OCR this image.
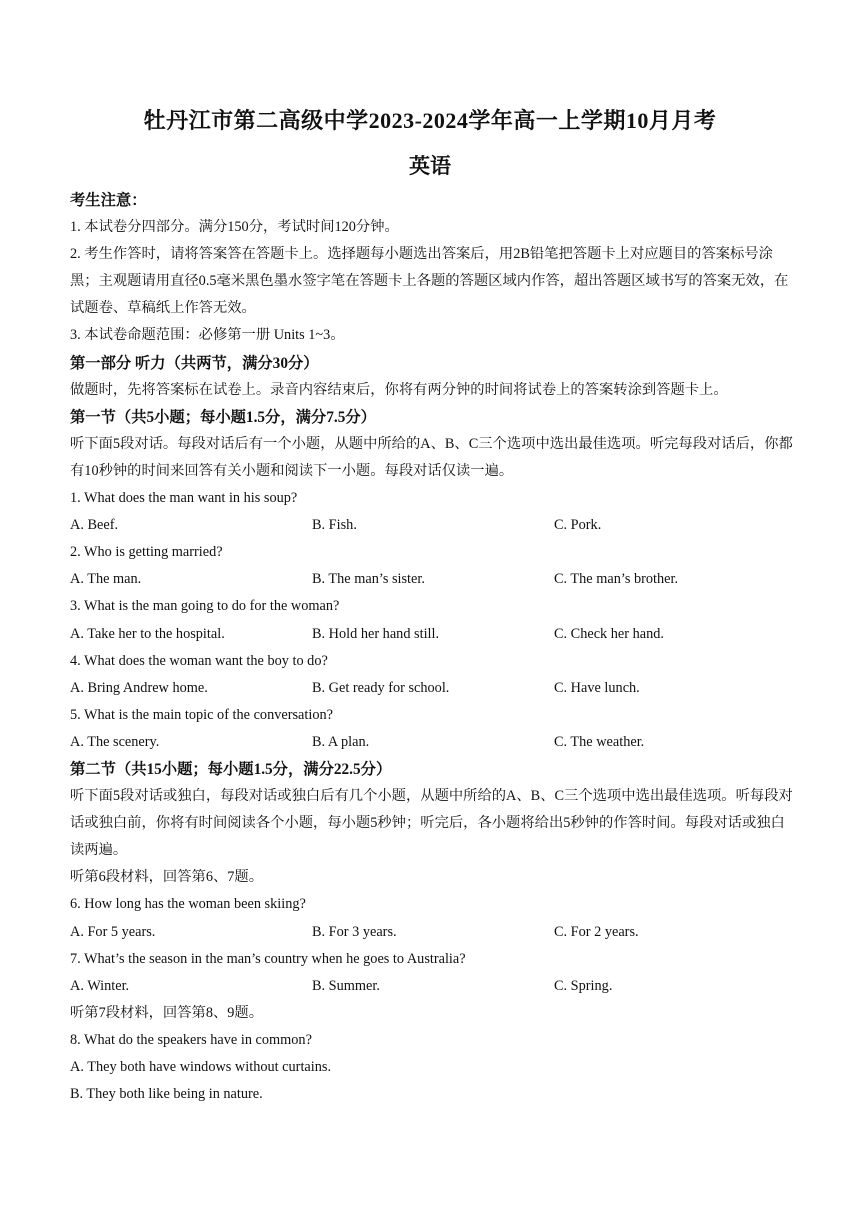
牡丹江市第二高级中学2023-2024学年高一上学期10月月考
英语
考生注意：
1. 本试卷分四部分。满分150分，考试时间120分钟。
2. 考生作答时，请将答案答在答题卡上。选择题每小题选出答案后，用2B铅笔把答题卡上对应题目的答案标号涂黑；主观题请用直径0.5毫米黑色墨水签字笔在答题卡上各题的答题区域内作答，超出答题区域书写的答案无效，在试题卷、草稿纸上作答无效。
3. 本试卷命题范围：必修第一册 Units 1~3。
第一部分 听力（共两节，满分30分）
做题时，先将答案标在试卷上。录音内容结束后，你将有两分钟的时间将试卷上的答案转涂到答题卡上。
第一节（共5小题；每小题1.5分，满分7.5分）
听下面5段对话。每段对话后有一个小题，从题中所给的A、B、C三个选项中选出最佳选项。听完每段对话后，你都有10秒钟的时间来回答有关小题和阅读下一小题。每段对话仅读一遍。
1. What does the man want in his soup?
A. Beef.	B. Fish.	C. Pork.
2. Who is getting married?
A. The man.	B. The man’s sister.	C. The man’s brother.
3. What is the man going to do for the woman?
A. Take her to the hospital.	B. Hold her hand still.	C. Check her hand.
4. What does the woman want the boy to do?
A. Bring Andrew home.	B. Get ready for school.	C. Have lunch.
5. What is the main topic of the conversation?
A. The scenery.	B. A plan.	C. The weather.
第二节（共15小题；每小题1.5分，满分22.5分）
听下面5段对话或独白，每段对话或独白后有几个小题，从题中所给的A、B、C三个选项中选出最佳选项。听每段对话或独白前，你将有时间阅读各个小题，每小题5秒钟；听完后，各小题将给出5秒钟的作答时间。每段对话或独白读两遍。
听第6段材料，回答第6、7题。
6. How long has the woman been skiing?
A. For 5 years.	B. For 3 years.	C. For 2 years.
7. What’s the season in the man’s country when he goes to Australia?
A. Winter.	B. Summer.	C. Spring.
听第7段材料，回答第8、9题。
8. What do the speakers have in common?
A. They both have windows without curtains.
B. They both like being in nature.
